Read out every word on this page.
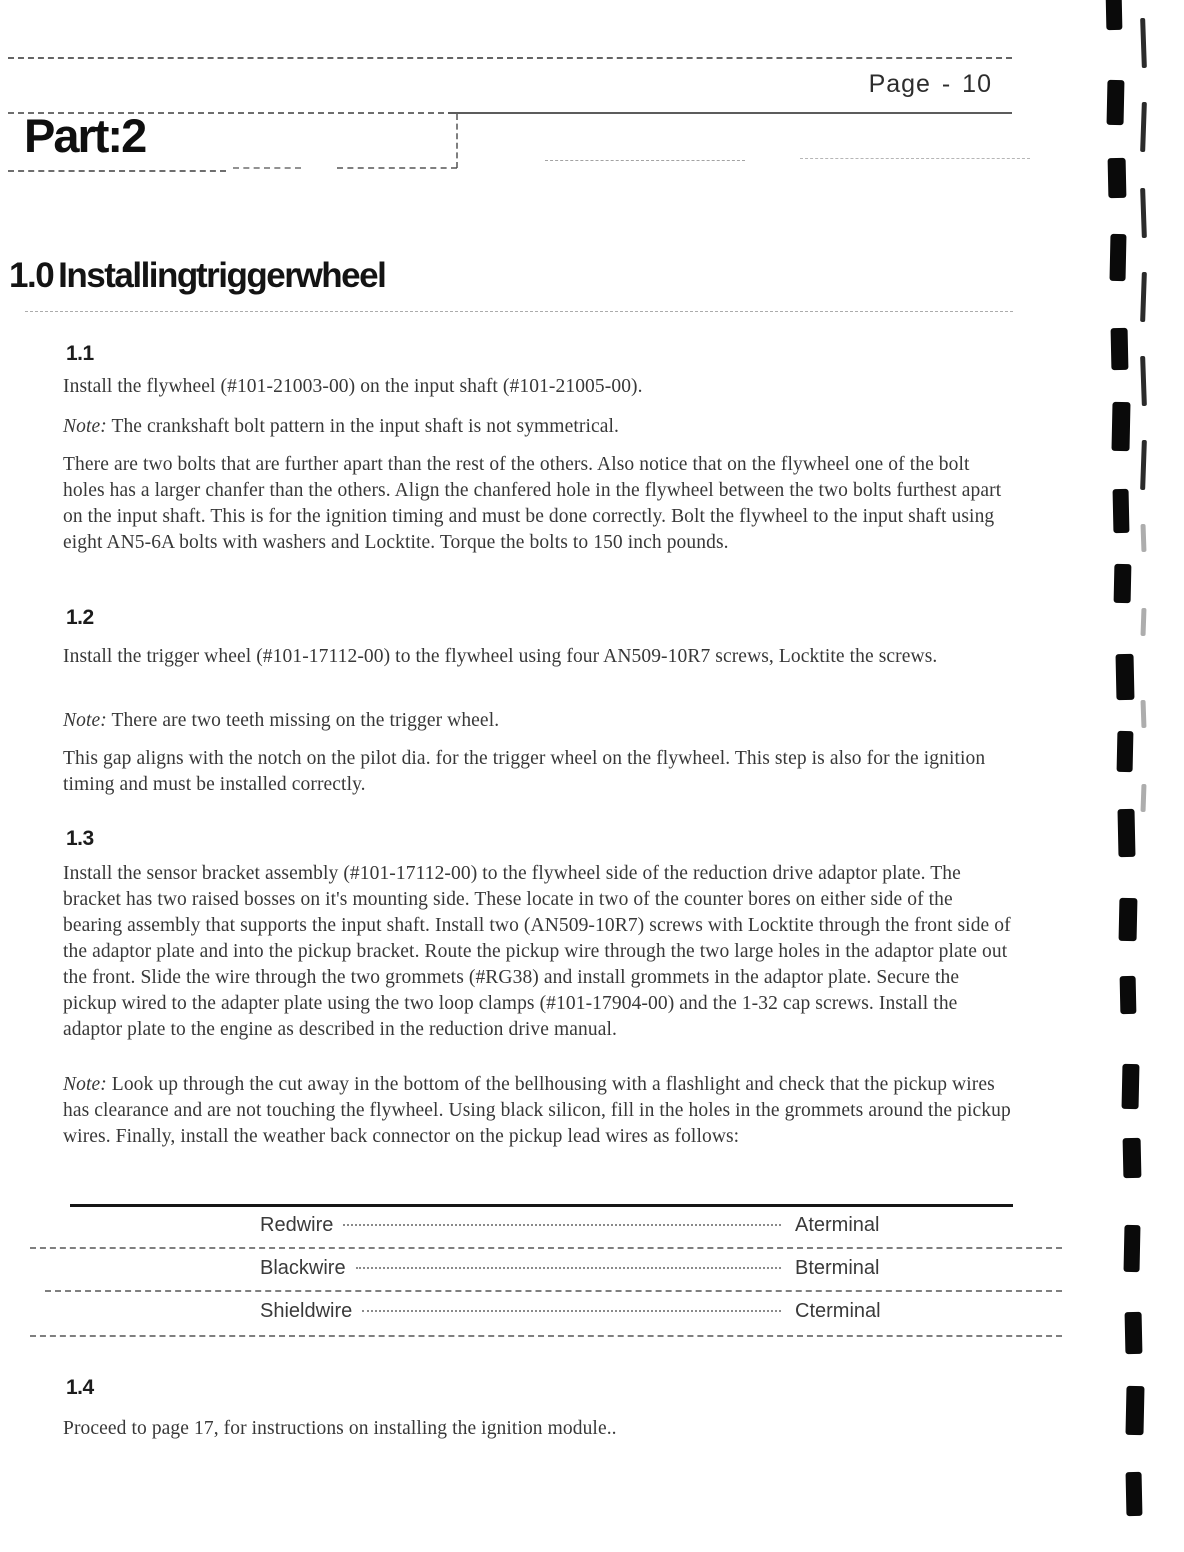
Page - 10
Part:2
1.0 Installing trigger wheel
1.1

Install the flywheel (#101-21003-00) on the input shaft (#101-21005-00).

Note: The crankshaft bolt pattern in the input shaft is not symmetrical.

There are two bolts that are further apart than the rest of the others. Also notice that on the flywheel one of the bolt holes has a larger chanfer than the others. Align the chanfered hole in the flywheel between the two bolts furthest apart on the input shaft. This is for the ignition timing and must be done correctly. Bolt the flywheel to the input shaft using eight AN5-6A bolts with washers and Locktite. Torque the bolts to 150 inch pounds.

1.2

Install the trigger wheel (#101-17112-00) to the flywheel using four AN509-10R7 screws, Locktite the screws.

Note: There are two teeth missing on the trigger wheel.

This gap aligns with the notch on the pilot dia. for the trigger wheel on the flywheel. This step is also for the ignition timing and must be installed correctly.

1.3

Install the sensor bracket assembly (#101-17112-00) to the flywheel side of the reduction drive adaptor plate. The bracket has two raised bosses on it's mounting side. These locate in two of the counter bores on either side of the bearing assembly that supports the input shaft. Install two (AN509-10R7) screws with Locktite through the front side of the adaptor plate and into the pickup bracket. Route the pickup wire through the two large holes in the adaptor plate out the front. Slide the wire through the two grommets (#RG38) and install grommets in the adaptor plate. Secure the pickup wired to the adapter plate using the two loop clamps (#101-17904-00) and the 1-32 cap screws. Install the adaptor plate to the engine as described in the reduction drive manual.

Note: Look up through the cut away in the bottom of the bellhousing with a flashlight and check that the pickup wires has clearance and are not touching the flywheel. Using black silicon, fill in the holes in the grommets around the pickup wires. Finally, install the weather back connector on the pickup lead wires as follows:

Redwire	Aterminal
Blackwire	Bterminal
Shieldwire	Cterminal
1.4

Proceed to page 17, for instructions on installing the ignition module..
